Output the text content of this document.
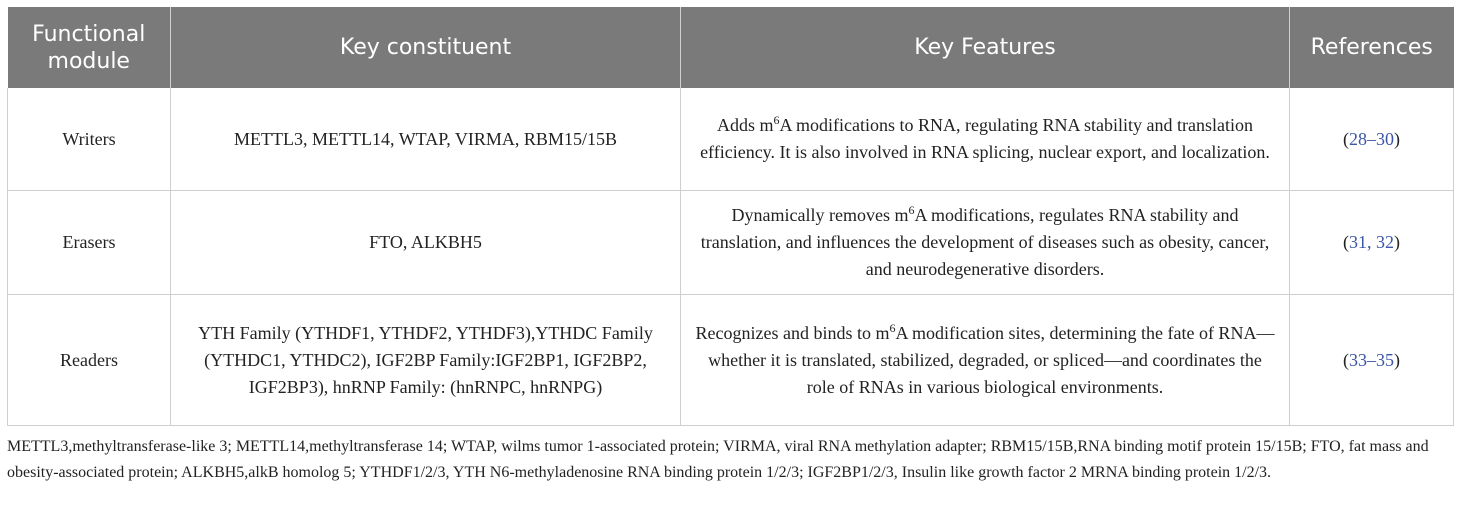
Functional module	Key constituent	Key Features	References
Writers	METTL3, METTL14, WTAP, VIRMA, RBM15/15B	Adds $m^6A$ modifications to RNA, regulating RNA stability and translation efficiency. It is also involved in RNA splicing, nuclear export, and localization.	(28–30)
Erasers	FTO, ALKBH5	Dynamically removes $m^6A$ modifications, regulates RNA stability and translation, and influences the development of diseases such as obesity, cancer, and neurodegenerative disorders.	(31, 32)
Readers	YTH Family (YTHDF1, YTHDF2, YTHDF3),YTHDC Family (YTHDC1, YTHDC2), IGF2BP Family:IGF2BP1, IGF2BP2, IGF2BP3), hnRNP Family: (hnRNPC, hnRNPG)	Recognizes and binds to $m^6A$ modification sites, determining the fate of RNA—whether it is translated, stabilized, degraded, or spliced—and coordinates the role of RNAs in various biological environments.	(33–35)
METTL3,methyltransferase-like 3; METTL14,methyltransferase 14; WTAP, wilms tumor 1-associated protein; VIRMA, viral RNA methylation adapter; RBM15/15B,RNA binding motif protein 15/15B; FTO, fat mass and obesity-associated protein; ALKBH5,alkB homolog 5; YTHDF1/2/3, YTH N6-methyladenosine RNA binding protein 1/2/3; IGF2BP1/2/3, Insulin like growth factor 2 MRNA binding protein 1/2/3.
